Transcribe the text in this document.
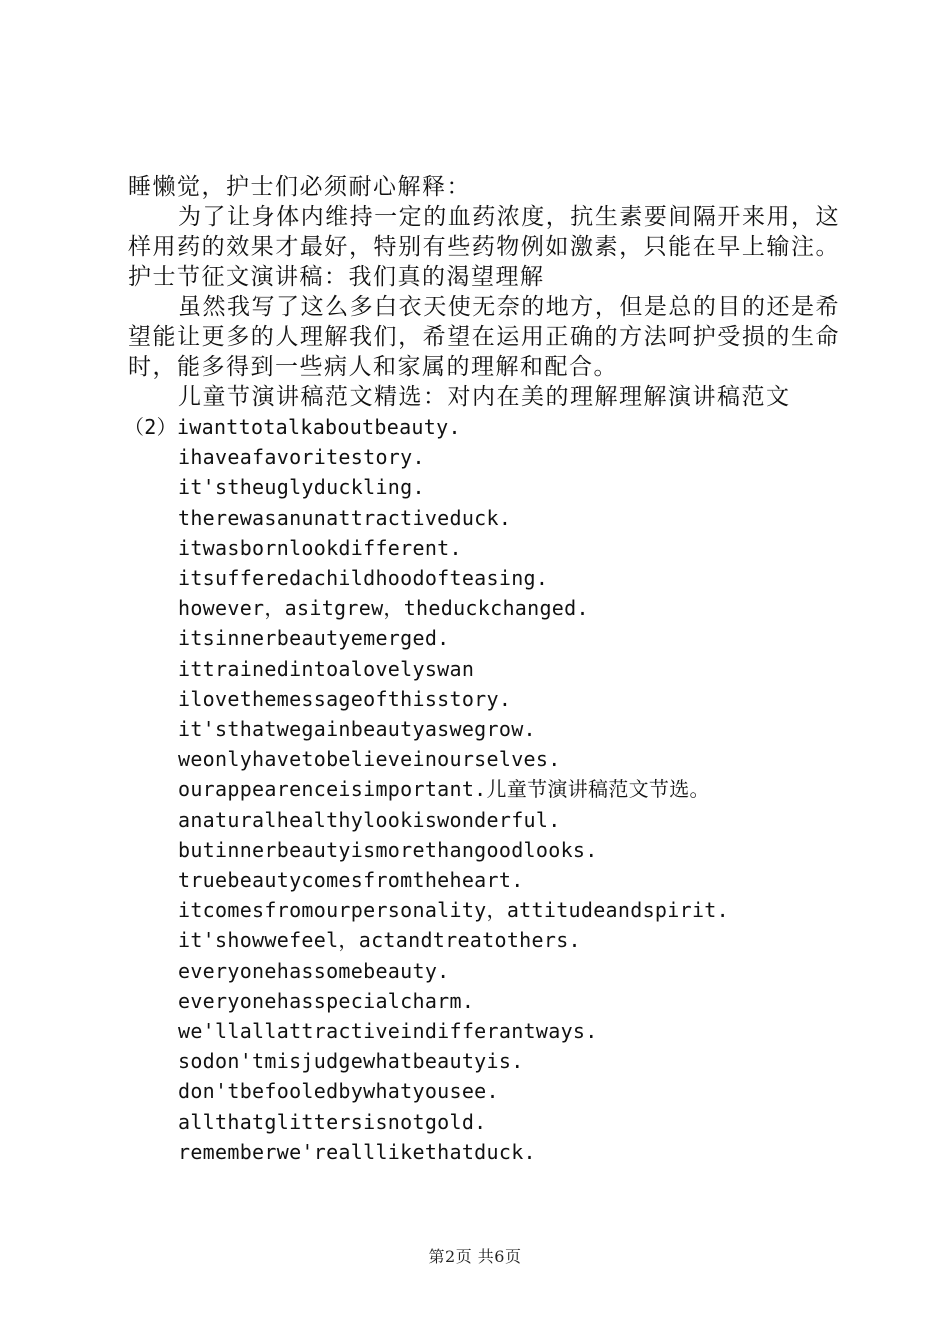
睡懒觉，护士们必须耐心解释：

为了让身体内维持一定的血药浓度，抗生素要间隔开来用，这样用药的效果才最好，特别有些药物例如激素，只能在早上输注。护士节征文演讲稿：我们真的渴望理解

虽然我写了这么多白衣天使无奈的地方，但是总的目的还是希望能让更多的人理解我们，希望在运用正确的方法呵护受损的生命时，能多得到一些病人和家属的理解和配合。

儿童节演讲稿范文精选：对内在美的理解理解演讲稿范文

（2）iwanttotalkaboutbeauty.

ihaveafavoritestory.

it'stheuglyduckling.

therewasanunattractiveduck.

itwasbornlookdifferent.

itsufferedachildhoodofteasing.

however，asitgrew，theduckchanged.

itsinnerbeautyemerged.

ittrainedintoalovelyswan

ilovethemessageofthisstory.

it'sthatwegainbeautyaswegrow.

weonlyhavetobelieveinourselves.

ourappearenceisimportant.儿童节演讲稿范文节选。

anaturalhealthylookiswonderful.

butinnerbeautyismorethangoodlooks.

truebeautycomesfromtheheart.

itcomesfromourpersonality，attitudeandspirit.

it'showwefeel，actandtreatothers.

everyonehassomebeauty.

everyonehasspecialcharm.

we'llallattractiveindifferantways.

sodon'tmisjudgewhatbeautyis.

don'tbefooledbywhatyousee.

allthatglittersisnotgold.

rememberwe'realllikethatduck.

第2页 共6页
